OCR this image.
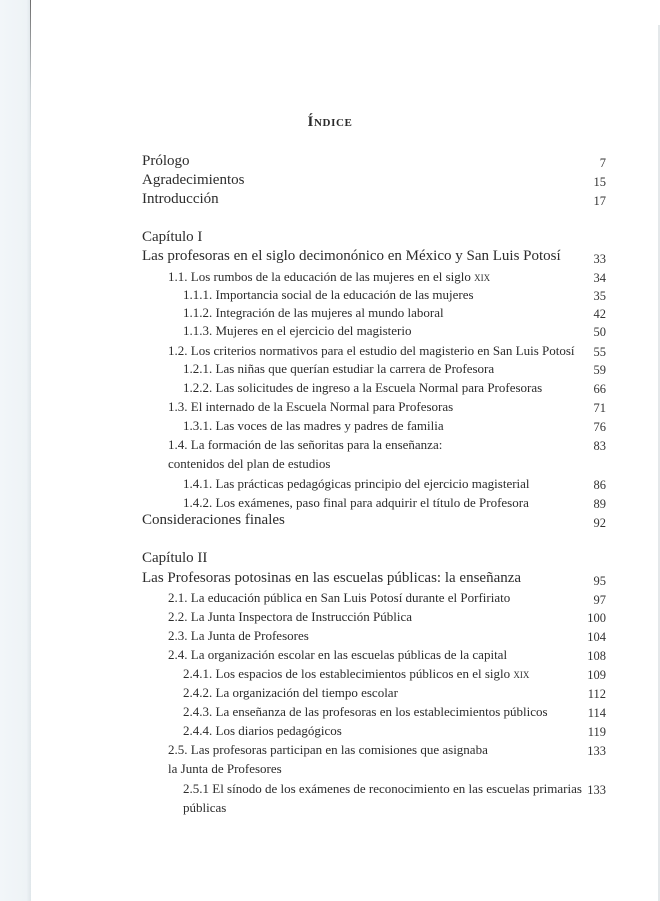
Índice
Prólogo	7
Agradecimientos	15
Introducción	17
Capítulo I
Las profesoras en el siglo decimonónico en México y San Luis Potosí	33
1.1. Los rumbos de la educación de las mujeres en el siglo xix	34
1.1.1. Importancia social de la educación de las mujeres	35
1.1.2. Integración de las mujeres al mundo laboral	42
1.1.3. Mujeres en el ejercicio del magisterio	50
1.2. Los criterios normativos para el estudio del magisterio en San Luis Potosí 55
1.2.1. Las niñas que querían estudiar la carrera de Profesora	59
1.2.2. Las solicitudes de ingreso a la Escuela Normal para Profesoras	66
1.3. El internado de la Escuela Normal para Profesoras	71
1.3.1. Las voces de las madres y padres de familia	76
1.4. La formación de las señoritas para la enseñanza:	83
contenidos del plan de estudios
1.4.1. Las prácticas pedagógicas principio del ejercicio magisterial	86
1.4.2. Los exámenes, paso final para adquirir el título de Profesora	89
Consideraciones finales	92
Capítulo II
Las Profesoras potosinas en las escuelas públicas: la enseñanza	95
2.1. La educación pública en San Luis Potosí durante el Porfiriato	97
2.2. La Junta Inspectora de Instrucción Pública	100
2.3. La Junta de Profesores	104
2.4. La organización escolar en las escuelas públicas de la capital	108
2.4.1. Los espacios de los establecimientos públicos en el siglo xix	109
2.4.2. La organización del tiempo escolar	112
2.4.3. La enseñanza de las profesoras en los establecimientos públicos	114
2.4.4. Los diarios pedagógicos	119
2.5. Las profesoras participan en las comisiones que asignaba	133
la Junta de Profesores
2.5.1 El sínodo de los exámenes de reconocimiento en las escuelas primarias 133
públicas
